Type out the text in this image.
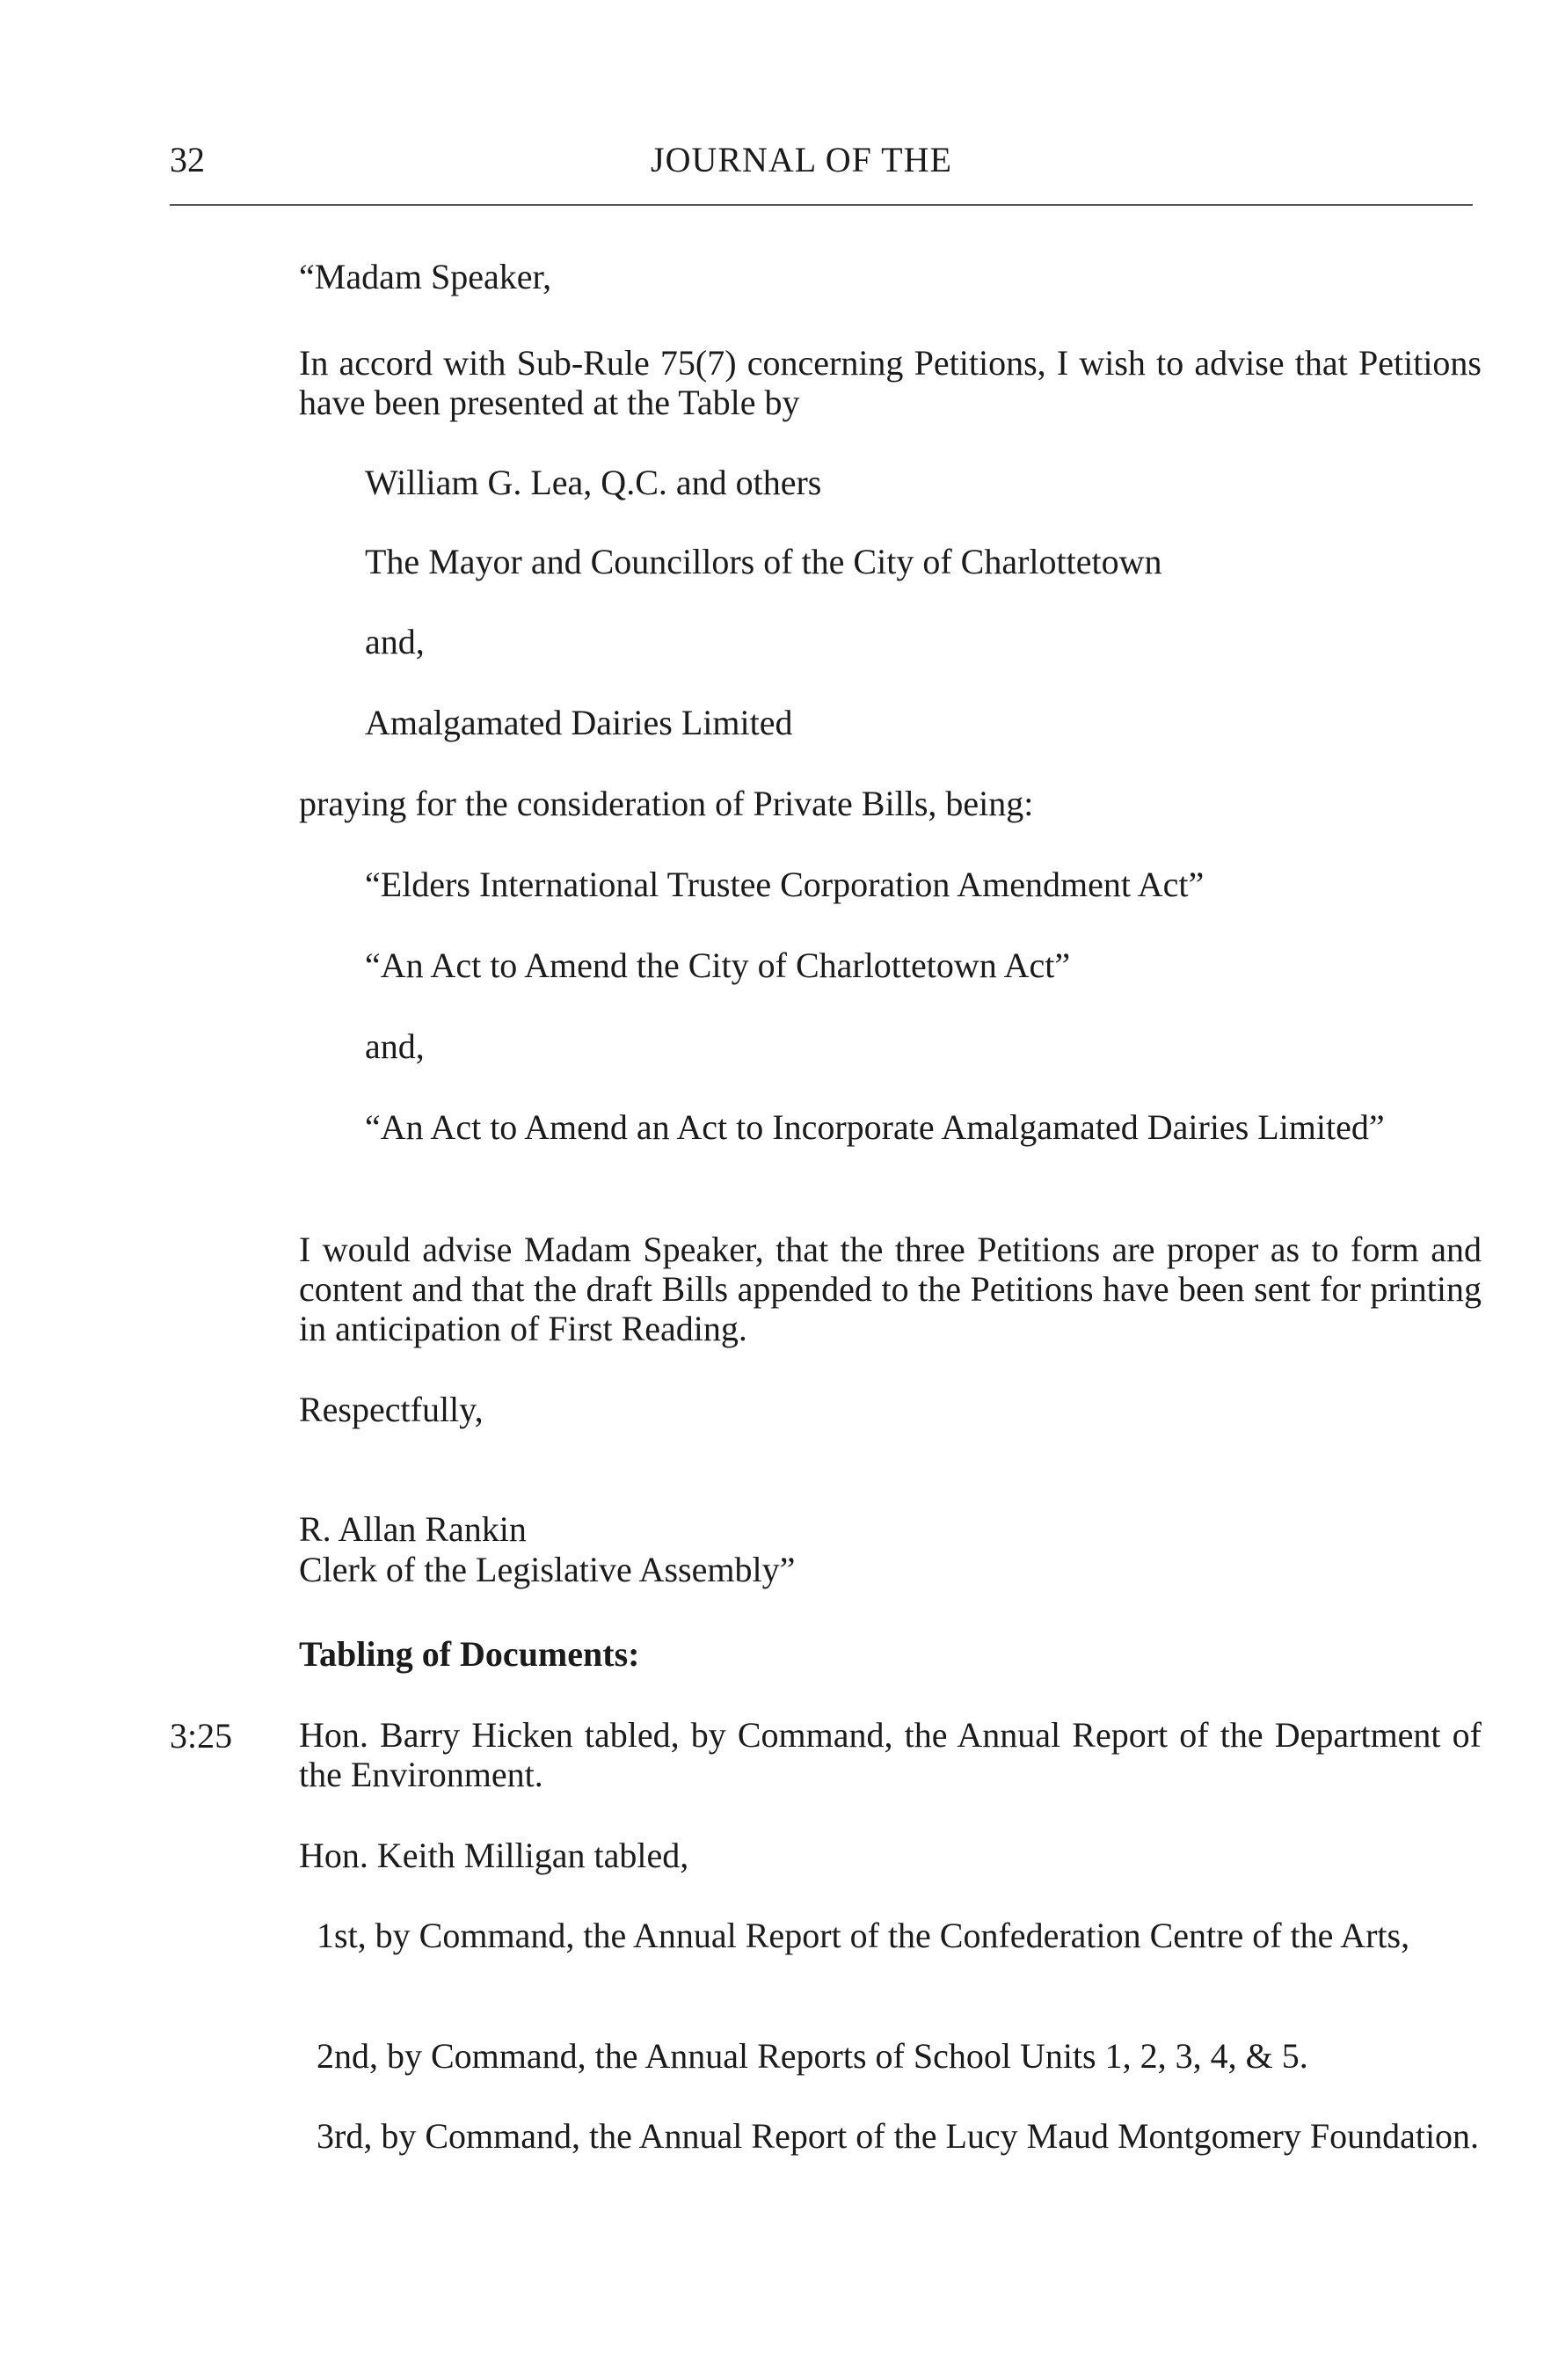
32	JOURNAL OF THE

“Madam Speaker,

In accord with Sub-Rule 75(7) concerning Petitions, I wish to advise that Petitions have been presented at the Table by

William G. Lea, Q.C. and others

The Mayor and Councillors of the City of Charlottetown

and,

Amalgamated Dairies Limited

praying for the consideration of Private Bills, being:

“Elders International Trustee Corporation Amendment Act”

“An Act to Amend the City of Charlottetown Act”

and,

“An Act to Amend an Act to Incorporate Amalgamated Dairies Limited”

I would advise Madam Speaker, that the three Petitions are proper as to form and content and that the draft Bills appended to the Petitions have been sent for printing in anticipation of First Reading.

Respectfully,

R. Allan Rankin

Clerk of the Legislative Assembly”

Tabling of Documents:

3:25 Hon. Barry Hicken tabled, by Command, the Annual Report of the Department of the Environment.

Hon. Keith Milligan tabled,

1st, by Command, the Annual Report of the Confederation Centre of the Arts,

2nd, by Command, the Annual Reports of School Units 1, 2, 3, 4, & 5.

3rd, by Command, the Annual Report of the Lucy Maud Montgomery Foundation.
